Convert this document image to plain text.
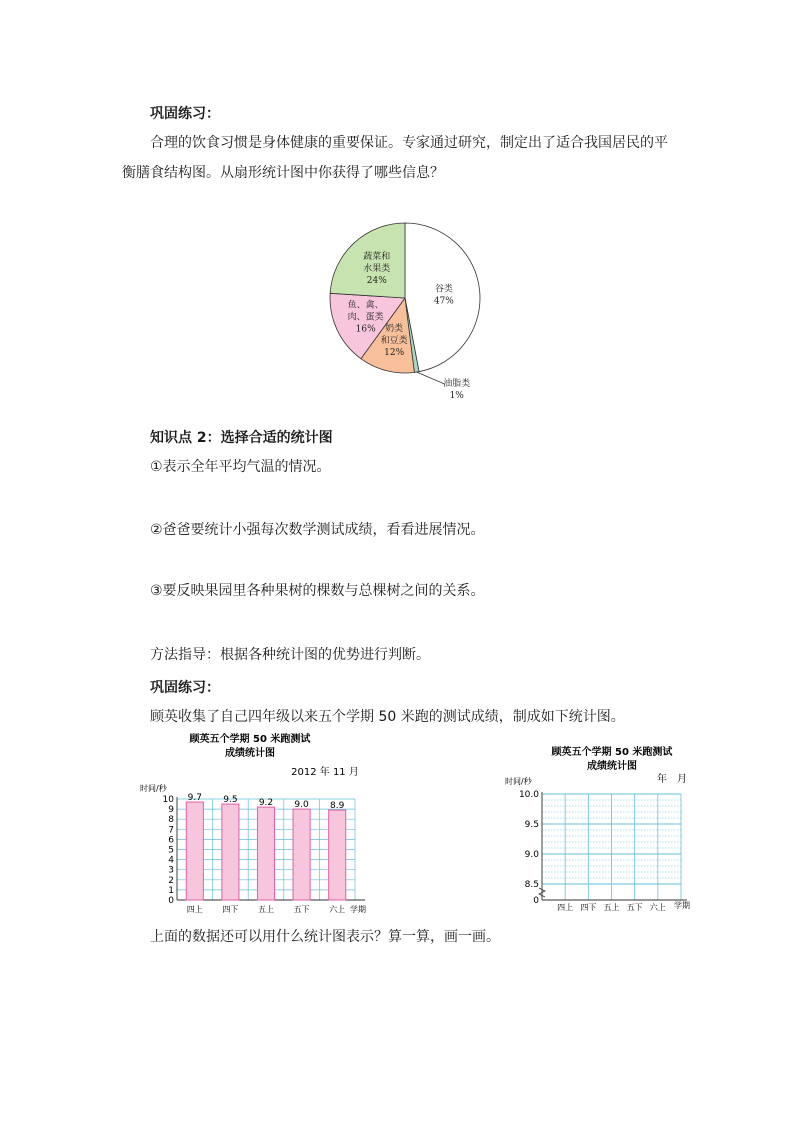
巩固练习：
合理的饮食习惯是身体健康的重要保证。专家通过研究，制定出了适合我国居民的平
衡膳食结构图。从扇形统计图中你获得了哪些信息？
谷类
47%
油脂类
1%
奶类
和豆类
12%
鱼、禽、
肉、蛋类
16%
蔬菜和
水果类
24%
知识点 2：选择合适的统计图
①表示全年平均气温的情况。
②爸爸要统计小强每次数学测试成绩，看看进展情况。
③要反映果园里各种果树的棵数与总棵树之间的关系。
方法指导：根据各种统计图的优势进行判断。
巩固练习：
顾英收集了自己四年级以来五个学期 50 米跑的测试成绩，制成如下统计图。
顾英五个学期 50 米跑测试
成绩统计图
2012 年 11 月
时间/秒
9.7 9.5 9.2 9.0 8.9
0
1
2
3
4
5
6
7
8
9
10
四上 四下 五上 五下 六上 学期
顾英五个学期 50 米跑测试
成绩统计图
年　月
时间/秒
0
8.5
9.0
9.5
10.0
四上 四下 五上 五下 六上 学期
上面的数据还可以用什么统计图表示？算一算，画一画。
